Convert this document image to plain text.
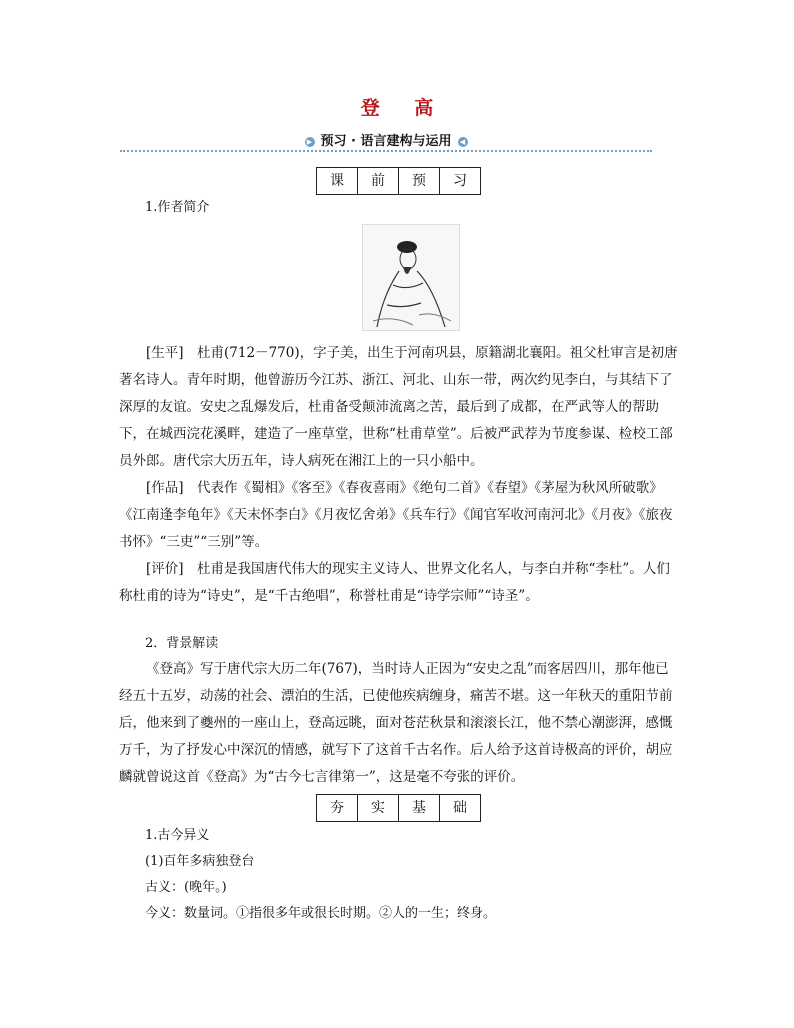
登 高
▶ 预习 · 语言建构与运用 ◀
课	前	预	习
1.作者简介
[生平]　杜甫(712－770)，字子美，出生于河南巩县，原籍湖北襄阳。祖父杜审言是初唐著名诗人。青年时期，他曾游历今江苏、浙江、河北、山东一带，两次约见李白，与其结下了深厚的友谊。安史之乱爆发后，杜甫备受颠沛流离之苦，最后到了成都，在严武等人的帮助下，在城西浣花溪畔，建造了一座草堂，世称“杜甫草堂”。后被严武荐为节度参谋、检校工部员外郎。唐代宗大历五年，诗人病死在湘江上的一只小船中。
[作品]　代表作《蜀相》《客至》《春夜喜雨》《绝句二首》《春望》《茅屋为秋风所破歌》《江南逢李龟年》《天末怀李白》《月夜忆舍弟》《兵车行》《闻官军收河南河北》《月夜》《旅夜书怀》“三吏”“三别”等。
[评价]　杜甫是我国唐代伟大的现实主义诗人、世界文化名人，与李白并称“李杜”。人们称杜甫的诗为“诗史”，是“千古绝唱”，称誉杜甫是“诗学宗师”“诗圣”。
2．背景解读
《登高》写于唐代宗大历二年(767)，当时诗人正因为“安史之乱”而客居四川，那年他已经五十五岁，动荡的社会、漂泊的生活，已使他疾病缠身，痛苦不堪。这一年秋天的重阳节前后，他来到了夔州的一座山上，登高远眺，面对苍茫秋景和滚滚长江，他不禁心潮澎湃，感慨万千，为了抒发心中深沉的情感，就写下了这首千古名作。后人给予这首诗极高的评价，胡应麟就曾说这首《登高》为“古今七言律第一”，这是毫不夸张的评价。
夯	实	基	础
1.古今异义
(1)百年多病独登台
古义：(晚年。)
今义：数量词。①指很多年或很长时期。②人的一生；终身。
